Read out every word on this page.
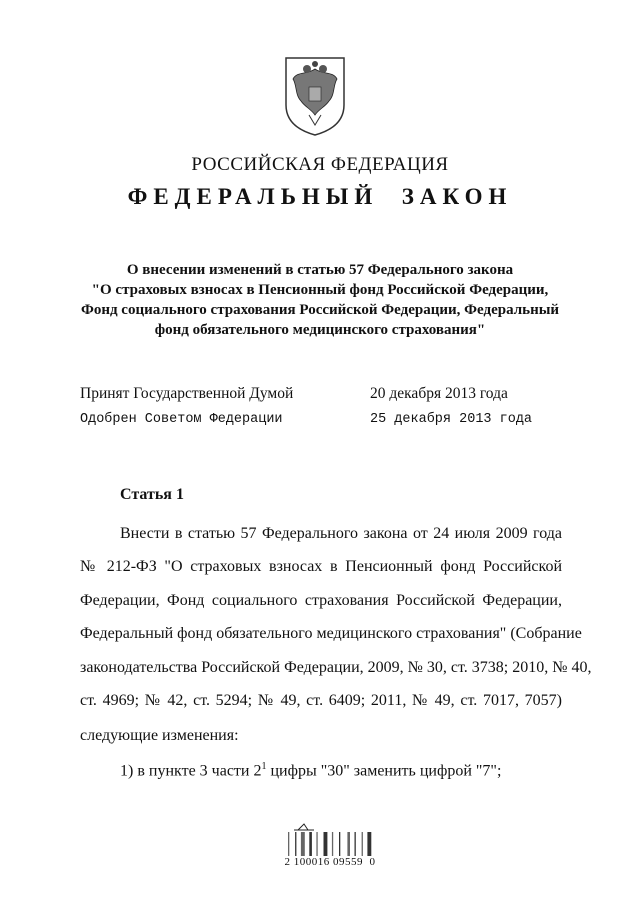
РОССИЙСКАЯ ФЕДЕРАЦИЯ
ФЕДЕРАЛЬНЫЙ  ЗАКОН
О внесении изменений в статью 57 Федерального закона
"О страховых взносах в Пенсионный фонд Российской Федерации,
Фонд социального страхования Российской Федерации, Федеральный
фонд обязательного медицинского страхования"
Принят Государственной Думой	20 декабря 2013 года
Одобрен Советом Федерации	25 декабря 2013 года
Статья 1
Внести в статью 57 Федерального закона от 24 июля 2009 года
№ 212-ФЗ "О страховых взносах в Пенсионный фонд Российской
Федерации, Фонд социального страхования Российской Федерации,
Федеральный фонд обязательного медицинского страхования" (Собрание
законодательства Российской Федерации, 2009, № 30, ст. 3738; 2010, № 40,
ст. 4969; № 42, ст. 5294; № 49, ст. 6409; 2011, № 49, ст. 7017, 7057)
следующие изменения:
1) в пункте 3 части $2^1$ цифры "30" заменить цифрой "7";
2 100016 09559  0
